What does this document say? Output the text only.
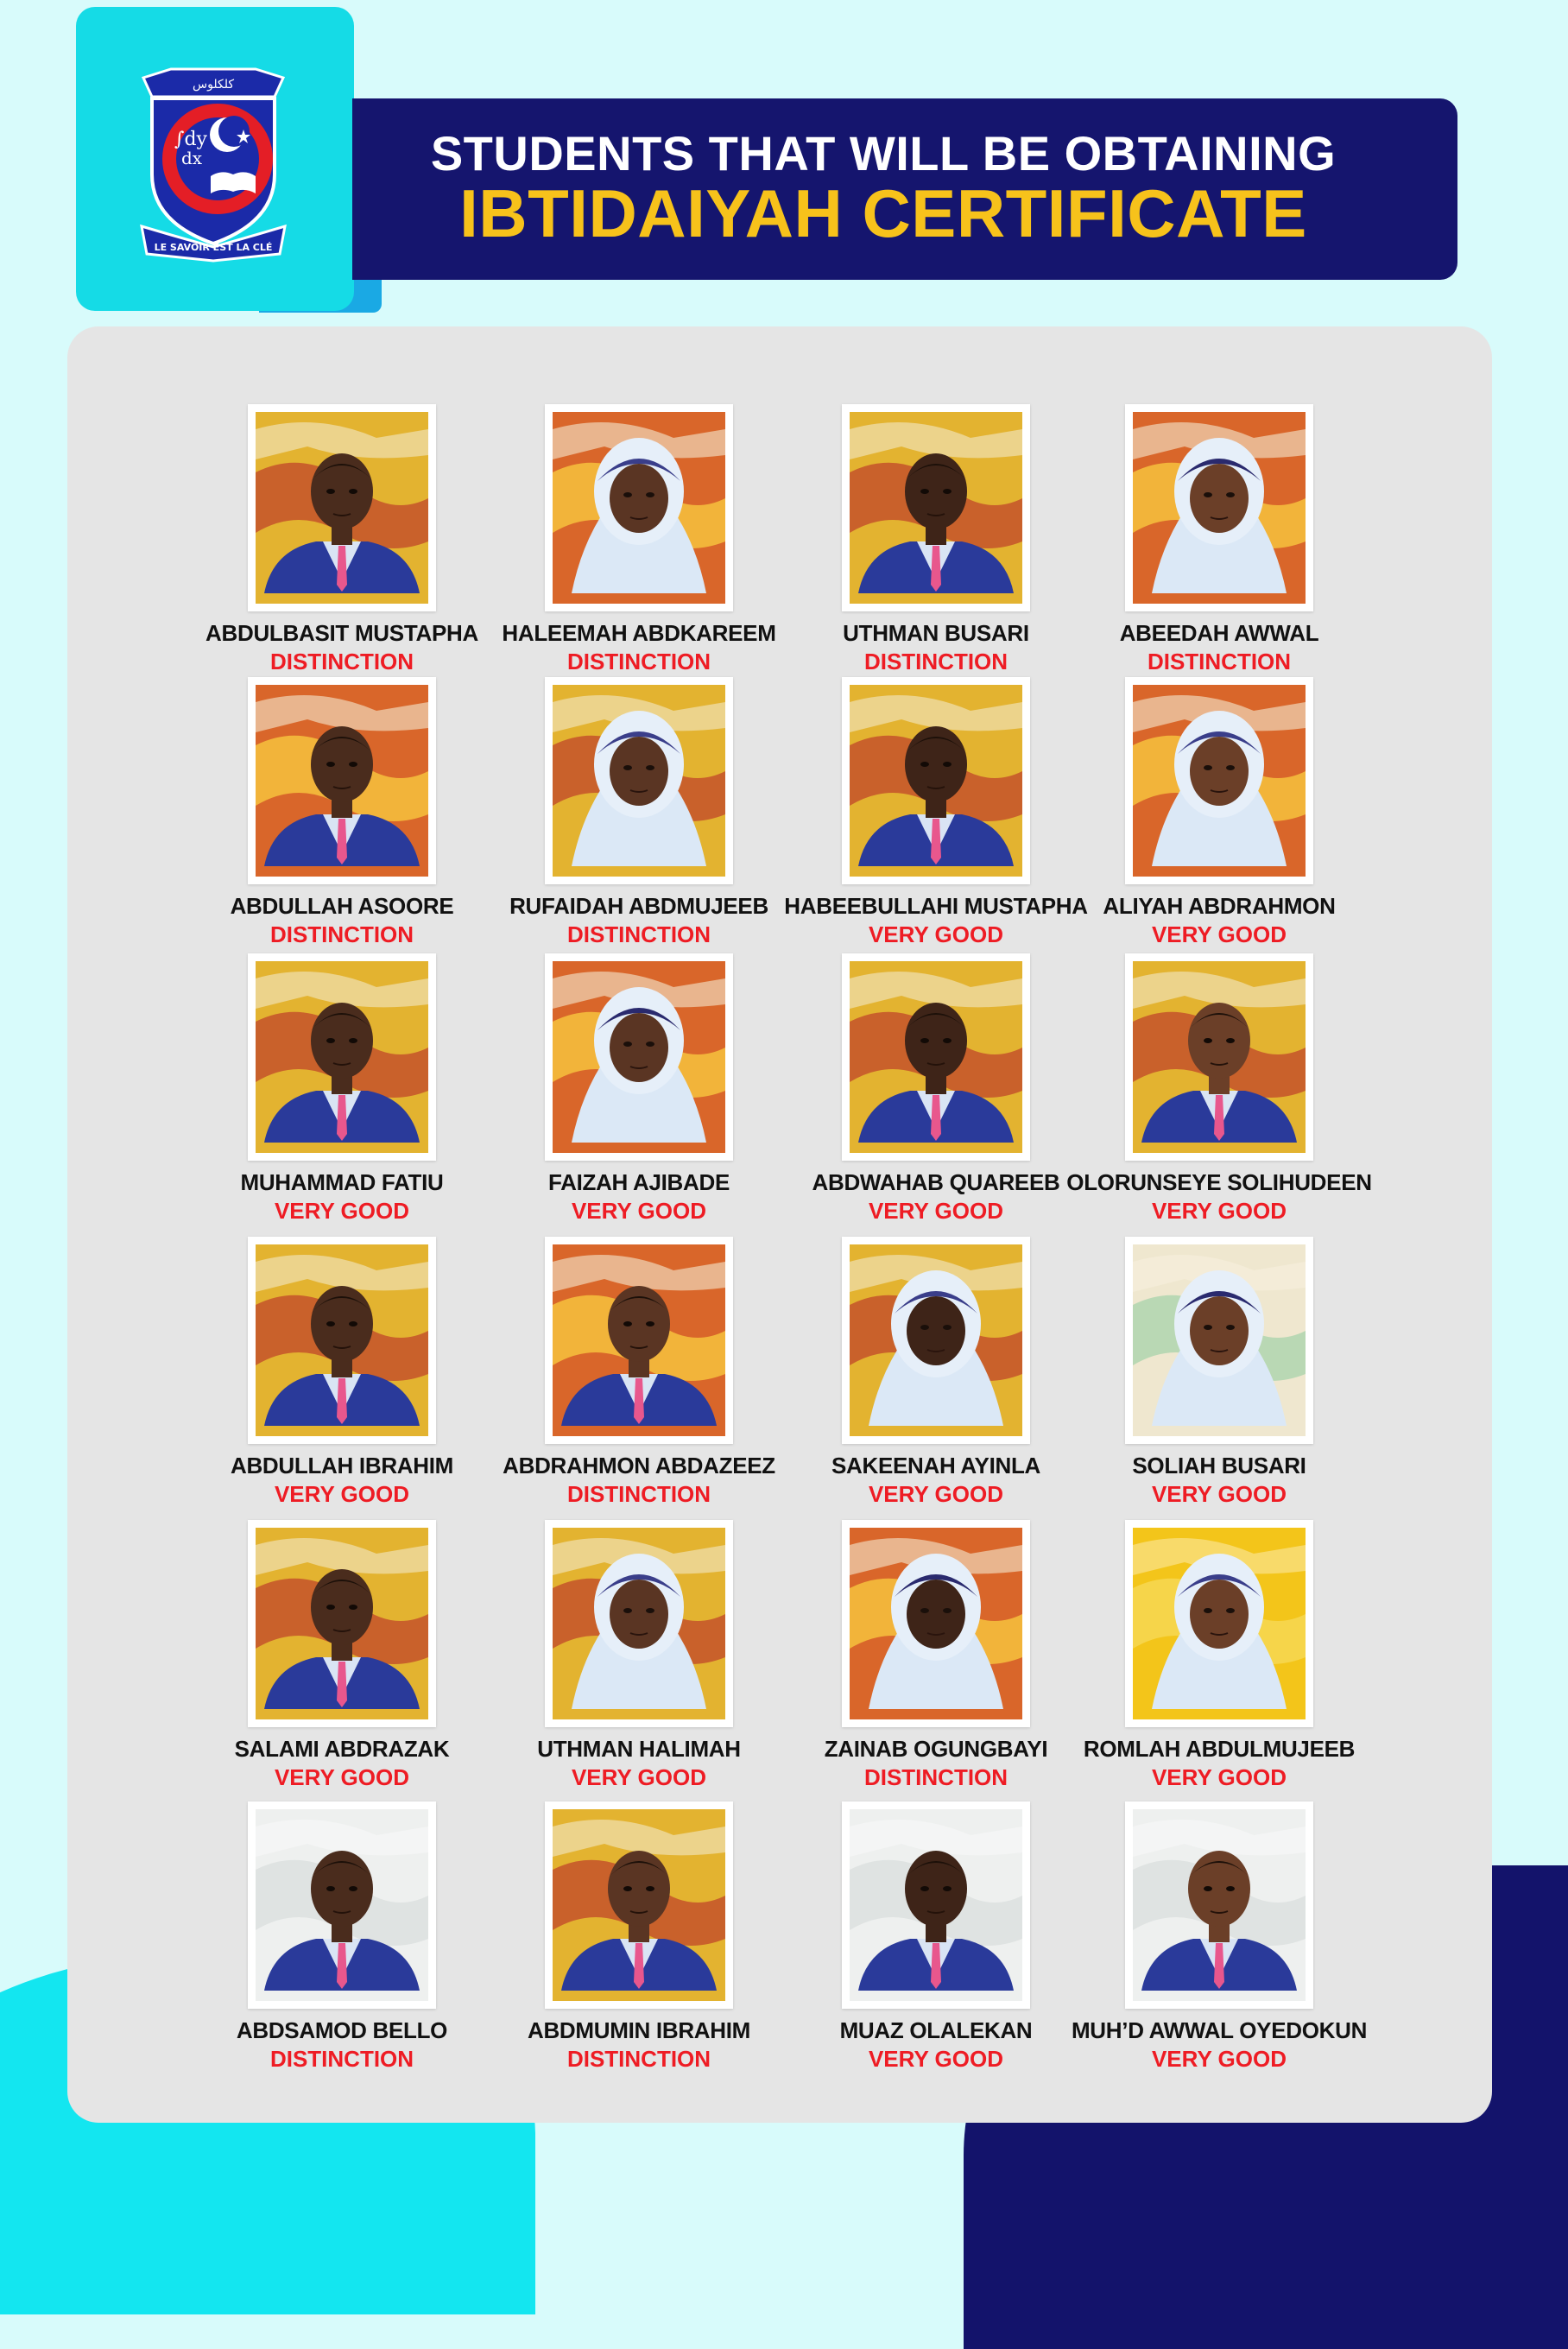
كلكلوس
∫dy
dx
LE SAVOIR EST LA CLÉ
STUDENTS THAT WILL BE OBTAINING
IBTIDAIYAH CERTIFICATE
ABDULBASIT MUSTAPHA
DISTINCTION
HALEEMAH ABDKAREEM
DISTINCTION
UTHMAN BUSARI
DISTINCTION
ABEEDAH AWWAL
DISTINCTION
ABDULLAH ASOORE
DISTINCTION
RUFAIDAH ABDMUJEEB
DISTINCTION
HABEEBULLAHI MUSTAPHA
VERY GOOD
ALIYAH ABDRAHMON
VERY GOOD
MUHAMMAD FATIU
VERY GOOD
FAIZAH AJIBADE
VERY GOOD
ABDWAHAB QUAREEB
VERY GOOD
OLORUNSEYE SOLIHUDEEN
VERY GOOD
ABDULLAH IBRAHIM
VERY GOOD
ABDRAHMON ABDAZEEZ
DISTINCTION
SAKEENAH AYINLA
VERY GOOD
SOLIAH BUSARI
VERY GOOD
SALAMI ABDRAZAK
VERY GOOD
UTHMAN HALIMAH
VERY GOOD
ZAINAB OGUNGBAYI
DISTINCTION
ROMLAH ABDULMUJEEB
VERY GOOD
ABDSAMOD BELLO
DISTINCTION
ABDMUMIN IBRAHIM
DISTINCTION
MUAZ OLALEKAN
VERY GOOD
MUH’D AWWAL OYEDOKUN
VERY GOOD
